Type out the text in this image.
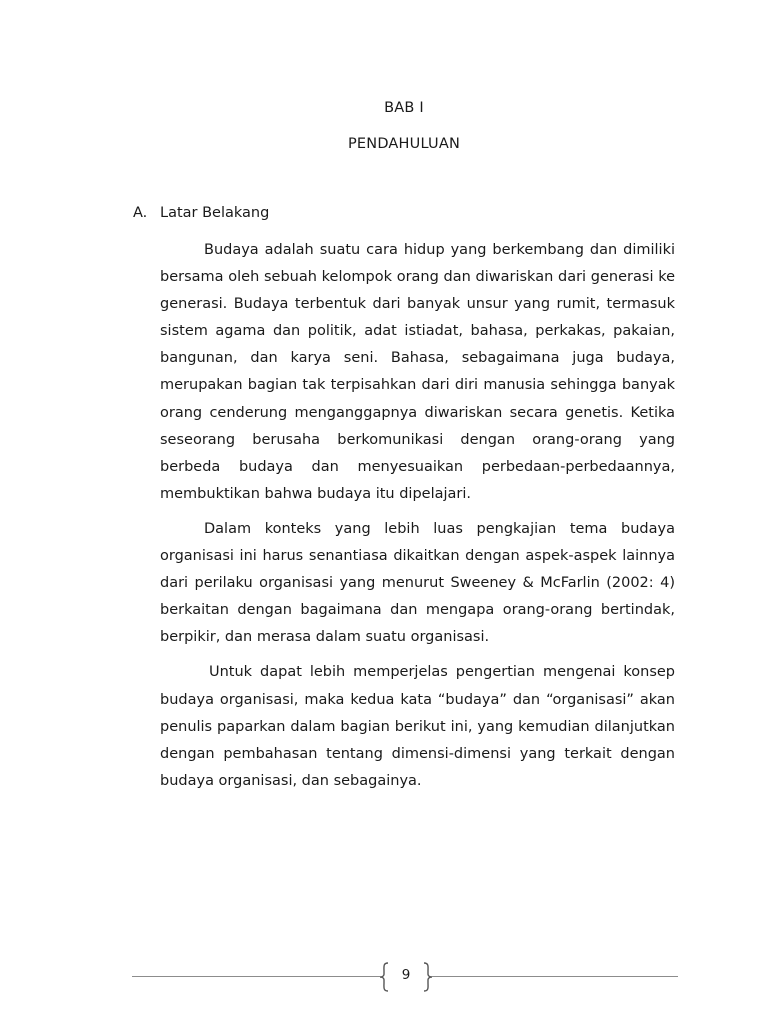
BAB I
PENDAHULUAN
A. Latar Belakang

Budaya adalah suatu cara hidup yang berkembang dan dimiliki bersama oleh sebuah kelompok orang dan diwariskan dari generasi ke generasi. Budaya terbentuk dari banyak unsur yang rumit, termasuk sistem agama dan politik, adat istiadat, bahasa, perkakas, pakaian, bangunan, dan karya seni. Bahasa, sebagaimana juga budaya, merupakan bagian tak terpisahkan dari diri manusia sehingga banyak orang cenderung menganggapnya diwariskan secara genetis. Ketika seseorang berusaha berkomunikasi dengan orang-orang yang berbeda budaya dan menyesuaikan perbedaan-perbedaannya, membuktikan bahwa budaya itu dipelajari.

Dalam konteks yang lebih luas pengkajian tema budaya organisasi ini harus senantiasa dikaitkan dengan aspek-aspek lainnya dari perilaku organisasi yang menurut Sweeney & McFarlin (2002: 4) berkaitan dengan bagaimana dan mengapa orang-orang bertindak, berpikir, dan merasa dalam suatu organisasi.

Untuk dapat lebih memperjelas pengertian mengenai konsep budaya organisasi, maka kedua kata “budaya” dan “organisasi” akan penulis paparkan dalam bagian berikut ini, yang kemudian dilanjutkan dengan pembahasan tentang dimensi-dimensi yang terkait dengan budaya organisasi, dan sebagainya.

9
